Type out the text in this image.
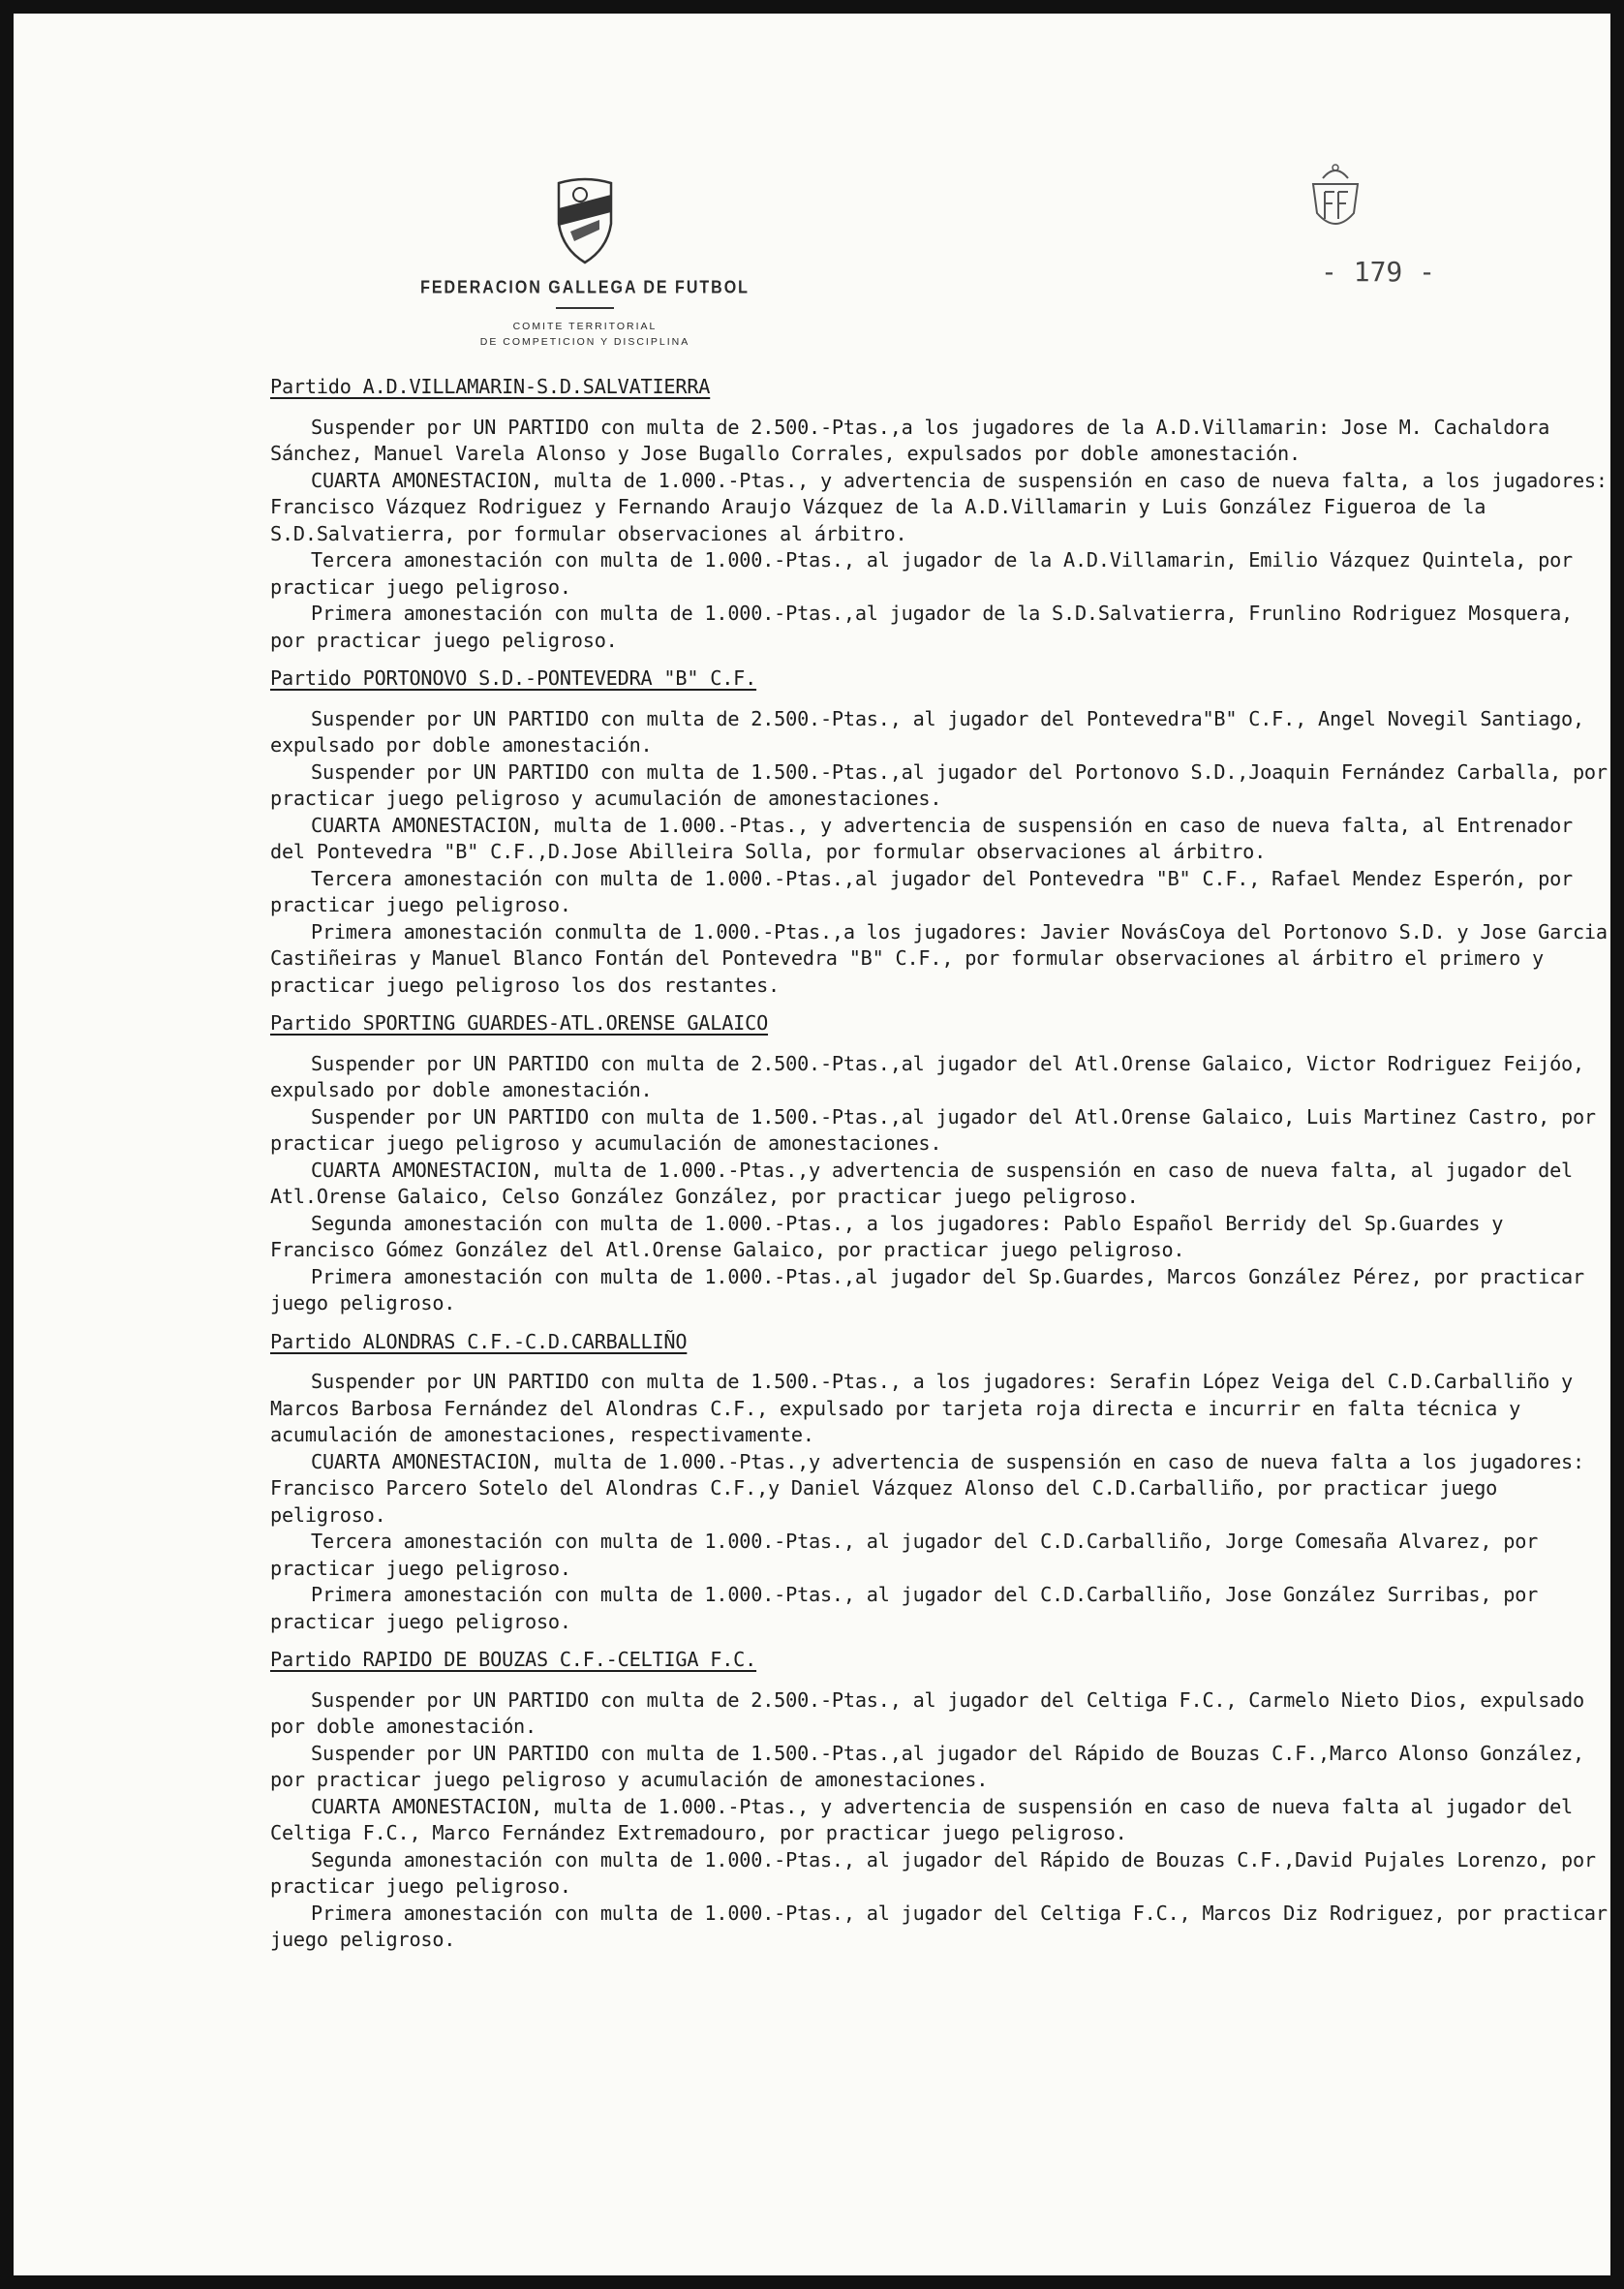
FEDERACION GALLEGA DE FUTBOL
COMITE TERRITORIAL
DE COMPETICION Y DISCIPLINA
- 179 -
Partido A.D.VILLAMARIN-S.D.SALVATIERRA

Suspender por UN PARTIDO con multa de 2.500.-Ptas.,a los jugadores de la A.D.Villamarin: Jose M. Cachaldora Sánchez, Manuel Varela Alonso y Jose Bugallo Corrales, expulsados por doble amonestación.

CUARTA AMONESTACION, multa de 1.000.-Ptas., y advertencia de suspensión en caso de nueva falta, a los jugadores: Francisco Vázquez Rodriguez y Fernando Araujo Vázquez de la A.D.Villamarin y Luis González Figueroa de la S.D.Salvatierra, por formular observaciones al árbitro.

Tercera amonestación con multa de 1.000.-Ptas., al jugador de la A.D.Villamarin, Emilio Vázquez Quintela, por practicar juego peligroso.

Primera amonestación con multa de 1.000.-Ptas.,al jugador de la S.D.Salvatierra, Frunlino Rodriguez Mosquera, por practicar juego peligroso.

Partido PORTONOVO S.D.-PONTEVEDRA "B" C.F.

Suspender por UN PARTIDO con multa de 2.500.-Ptas., al jugador del Pontevedra"B" C.F., Angel Novegil Santiago, expulsado por doble amonestación.

Suspender por UN PARTIDO con multa de 1.500.-Ptas.,al jugador del Portonovo S.D.,Joaquin Fernández Carballa, por practicar juego peligroso y acumulación de amonestaciones.

CUARTA AMONESTACION, multa de 1.000.-Ptas., y advertencia de suspensión en caso de nueva falta, al Entrenador del Pontevedra "B" C.F.,D.Jose Abilleira Solla, por formular observaciones al árbitro.

Tercera amonestación con multa de 1.000.-Ptas.,al jugador del Pontevedra "B" C.F., Rafael Mendez Esperón, por practicar juego peligroso.

Primera amonestación conmulta de 1.000.-Ptas.,a los jugadores: Javier NovásCoya del Portonovo S.D. y Jose Garcia Castiñeiras y Manuel Blanco Fontán del Pontevedra "B" C.F., por formular observaciones al árbitro el primero y practicar juego peligroso los dos restantes.

Partido SPORTING GUARDES-ATL.ORENSE GALAICO

Suspender por UN PARTIDO con multa de 2.500.-Ptas.,al jugador del Atl.Orense Galaico, Victor Rodriguez Feijóo, expulsado por doble amonestación.

Suspender por UN PARTIDO con multa de 1.500.-Ptas.,al jugador del Atl.Orense Galaico, Luis Martinez Castro, por practicar juego peligroso y acumulación de amonestaciones.

CUARTA AMONESTACION, multa de 1.000.-Ptas.,y advertencia de suspensión en caso de nueva falta, al jugador del Atl.Orense Galaico, Celso González González, por practicar juego peligroso.

Segunda amonestación con multa de 1.000.-Ptas., a los jugadores: Pablo Español Berridy del Sp.Guardes y Francisco Gómez González del Atl.Orense Galaico, por practicar juego peligroso.

Primera amonestación con multa de 1.000.-Ptas.,al jugador del Sp.Guardes, Marcos González Pérez, por practicar juego peligroso.

Partido ALONDRAS C.F.-C.D.CARBALLIÑO

Suspender por UN PARTIDO con multa de 1.500.-Ptas., a los jugadores: Serafin López Veiga del C.D.Carballiño y Marcos Barbosa Fernández del Alondras C.F., expulsado por tarjeta roja directa e incurrir en falta técnica y acumulación de amonestaciones, respectivamente.

CUARTA AMONESTACION, multa de 1.000.-Ptas.,y advertencia de suspensión en caso de nueva falta a los jugadores: Francisco Parcero Sotelo del Alondras C.F.,y Daniel Vázquez Alonso del C.D.Carballiño, por practicar juego peligroso.

Tercera amonestación con multa de 1.000.-Ptas., al jugador del C.D.Carballiño, Jorge Comesaña Alvarez, por practicar juego peligroso.

Primera amonestación con multa de 1.000.-Ptas., al jugador del C.D.Carballiño, Jose González Surribas, por practicar juego peligroso.

Partido RAPIDO DE BOUZAS C.F.-CELTIGA F.C.

Suspender por UN PARTIDO con multa de 2.500.-Ptas., al jugador del Celtiga F.C., Carmelo Nieto Dios, expulsado por doble amonestación.

Suspender por UN PARTIDO con multa de 1.500.-Ptas.,al jugador del Rápido de Bouzas C.F.,Marco Alonso González, por practicar juego peligroso y acumulación de amonestaciones.

CUARTA AMONESTACION, multa de 1.000.-Ptas., y advertencia de suspensión en caso de nueva falta al jugador del Celtiga F.C., Marco Fernández Extremadouro, por practicar juego peligroso.

Segunda amonestación con multa de 1.000.-Ptas., al jugador del Rápido de Bouzas C.F.,David Pujales Lorenzo, por practicar juego peligroso.

Primera amonestación con multa de 1.000.-Ptas., al jugador del Celtiga F.C., Marcos Diz Rodriguez, por practicar juego peligroso.
